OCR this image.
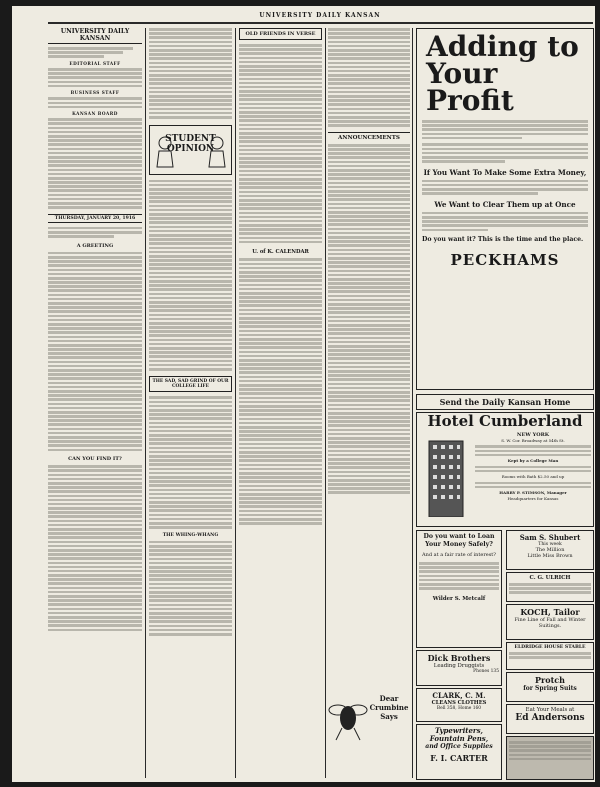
UNIVERSITY DAILY KANSAN
UNIVERSITY DAILY KANSAN
EDITORIAL STAFF
BUSINESS STAFF
KANSAN BOARD
THURSDAY, JANUARY 20, 1916
A GREETING
CAN YOU FIND IT?
STUDENT OPINION
THE SAD, SAD GRIND OF OUR COLLEGE LIFE
THE WHING-WHANG
OLD FRIENDS IN VERSE
U. of K. CALENDAR
ANNOUNCEMENTS
Dear
Crumbine
Says
Adding to
Your Profit
If You Want To Make Some Extra Money,
We Want to Clear Them up at Once

Do you want it? This is the time and the place.

PECKHAMS
Send the Daily Kansan Home
Hotel Cumberland
NEW YORK
S. W. Cor. Broadway at 54th St.
Kept by a College Man
Rooms with Bath $2.50 and up
HARRY P. STIMSON, Manager
Headquarters for Kansas
Do you want to Loan Your Money Safely?
And at a fair rate of interest?
Wilder S. Metcalf
Sam S. Shubert
This week
The Million
Little Miss Brown
C. G. ULRICH
KOCH, Tailor
Fine Line of Fall and Winter Suitings.
Dick Brothers
Leading Druggists
Phones 135
ELDRIDGE HOUSE STABLE
Protch
for Spring Suits
CLARK, C. M.
CLEANS CLOTHES
Bell 358, Home 160	Eat Your Meals at
Ed Andersons
Typewriters,
Fountain Pens,
and Office Supplies
F. I. CARTER
